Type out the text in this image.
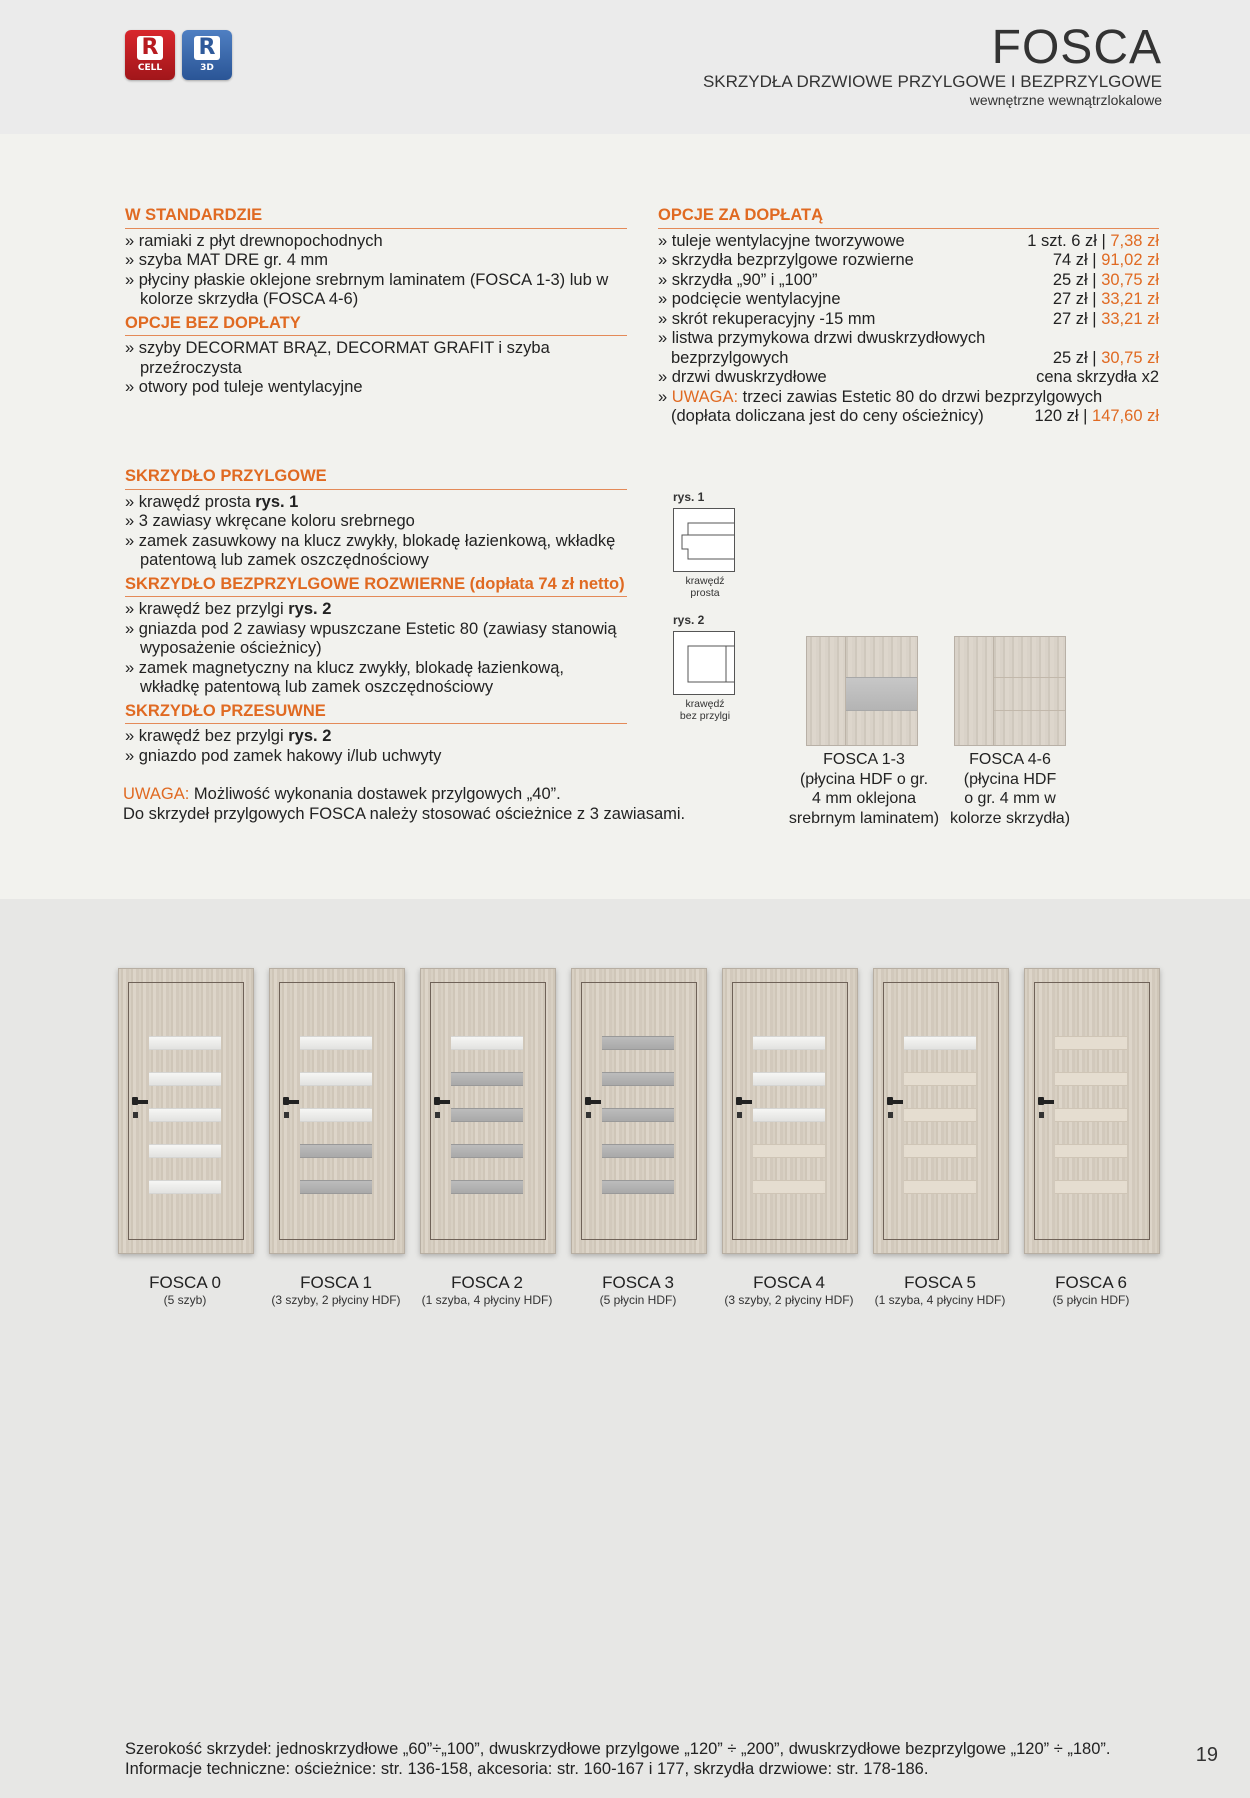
R
CELL
R
3D	FOSCA
SKRZYDŁA DRZWIOWE PRZYLGOWE I BEZPRZYLGOWE
wewnętrzne wewnątrzlokalowe
W STANDARDZIE
» ramiaki z płyt drewnopochodnych
» szyba MAT DRE gr. 4 mm
» płyciny płaskie oklejone srebrnym laminatem (FOSCA 1-3) lub w kolorze skrzydła (FOSCA 4-6)
OPCJE BEZ DOPŁATY
» szyby DECORMAT BRĄZ, DECORMAT GRAFIT i szyba przeźroczysta
» otwory pod tuleje wentylacyjne
OPCJE ZA DOPŁATĄ
» tuleje wentylacyjne tworzywowe	1 szt. 6 zł | 7,38 zł
» skrzydła bezprzylgowe rozwierne	74 zł | 91,02 zł
» skrzydła „90” i „100”	25 zł | 30,75 zł
» podcięcie wentylacyjne	27 zł | 33,21 zł
» skrót rekuperacyjny -15 mm	27 zł | 33,21 zł
» listwa przymykowa drzwi dwuskrzydłowych
bezprzylgowych	25 zł | 30,75 zł
» drzwi dwuskrzydłowe	cena skrzydła x2
» UWAGA: trzeci zawias Estetic 80 do drzwi bezprzylgowych
(dopłata doliczana jest do ceny ościeżnicy)	120 zł | 147,60 zł
SKRZYDŁO PRZYLGOWE
» krawędź prosta rys. 1
» 3 zawiasy wkręcane koloru srebrnego
» zamek zasuwkowy na klucz zwykły, blokadę łazienkową, wkładkę patentową lub zamek oszczędnościowy
SKRZYDŁO BEZPRZYLGOWE ROZWIERNE (dopłata 74 zł netto)
» krawędź bez przylgi rys. 2
» gniazda pod 2 zawiasy wpuszczane Estetic 80 (zawiasy stanowią wyposażenie ościeżnicy)
» zamek magnetyczny na klucz zwykły, blokadę łazienkową, wkładkę patentową lub zamek oszczędnościowy
SKRZYDŁO PRZESUWNE
» krawędź bez przylgi rys. 2
» gniazdo pod zamek hakowy i/lub uchwyty
UWAGA: Możliwość wykonania dostawek przylgowych „40”.
Do skrzydeł przylgowych FOSCA należy stosować ościeżnice z 3 zawiasami.
rys. 1
krawędź
prosta
rys. 2
krawędź
bez przylgi
FOSCA 1-3
(płycina HDF o gr.
4 mm oklejona
srebrnym laminatem)
FOSCA 4-6
(płycina HDF
o gr. 4 mm w
kolorze skrzydła)
FOSCA 0
(5 szyb)
FOSCA 1
(3 szyby, 2 płyciny HDF)
FOSCA 2
(1 szyba, 4 płyciny HDF)
FOSCA 3
(5 płycin HDF)
FOSCA 4
(3 szyby, 2 płyciny HDF)
FOSCA 5
(1 szyba, 4 płyciny HDF)
FOSCA 6
(5 płycin HDF)
Szerokość skrzydeł: jednoskrzydłowe „60”÷„100”, dwuskrzydłowe przylgowe „120” ÷ „200”, dwuskrzydłowe bezprzylgowe „120” ÷ „180”.
Informacje techniczne: ościeżnice: str. 136-158, akcesoria: str. 160-167 i 177, skrzydła drzwiowe: str. 178-186.
19
